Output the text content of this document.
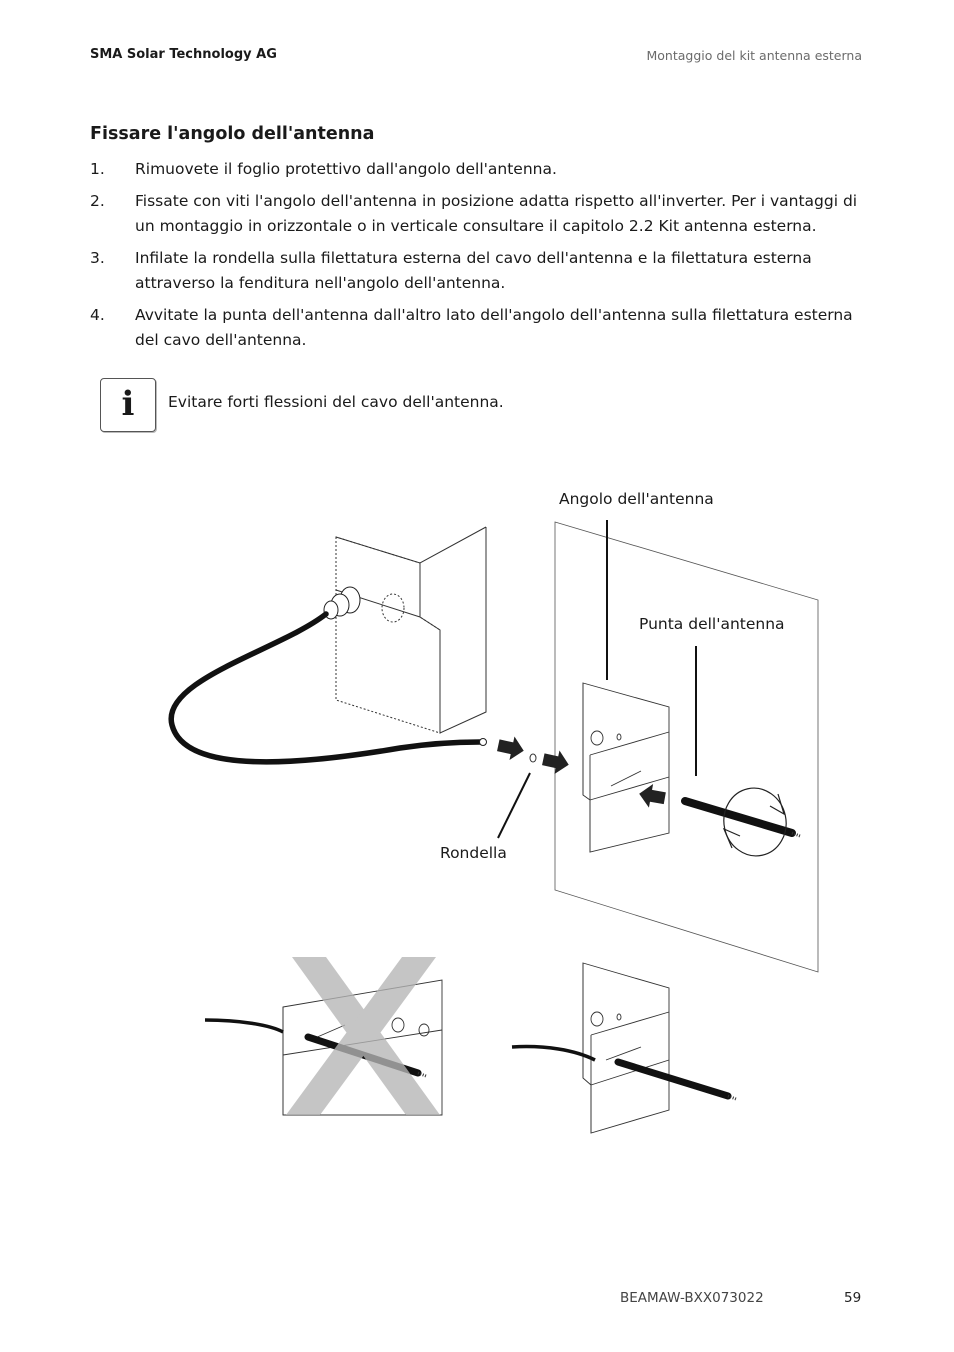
SMA Solar Technology AG	Montaggio del kit antenna esterna
Fissare l'angolo dell'antenna
1. Rimuovete il foglio protettivo dall'angolo dell'antenna.
2. Fissate con viti l'angolo dell'antenna in posizione adatta rispetto all'inverter. Per i vantaggi di un montaggio in orizzontale o in verticale consultare il capitolo 2.2 Kit antenna esterna.
3. Infilate la rondella sulla filettatura esterna del cavo dell'antenna e la filettatura esterna attraverso la fenditura nell'angolo dell'antenna.
4. Avvitate la punta dell'antenna dall'altro lato dell'angolo dell'antenna sulla filettatura esterna del cavo dell'antenna.
i	Evitare forti flessioni del cavo dell'antenna.
Angolo dell'antenna
Punta dell'antenna
Rondella
BEAMAW-BXX073022	59
